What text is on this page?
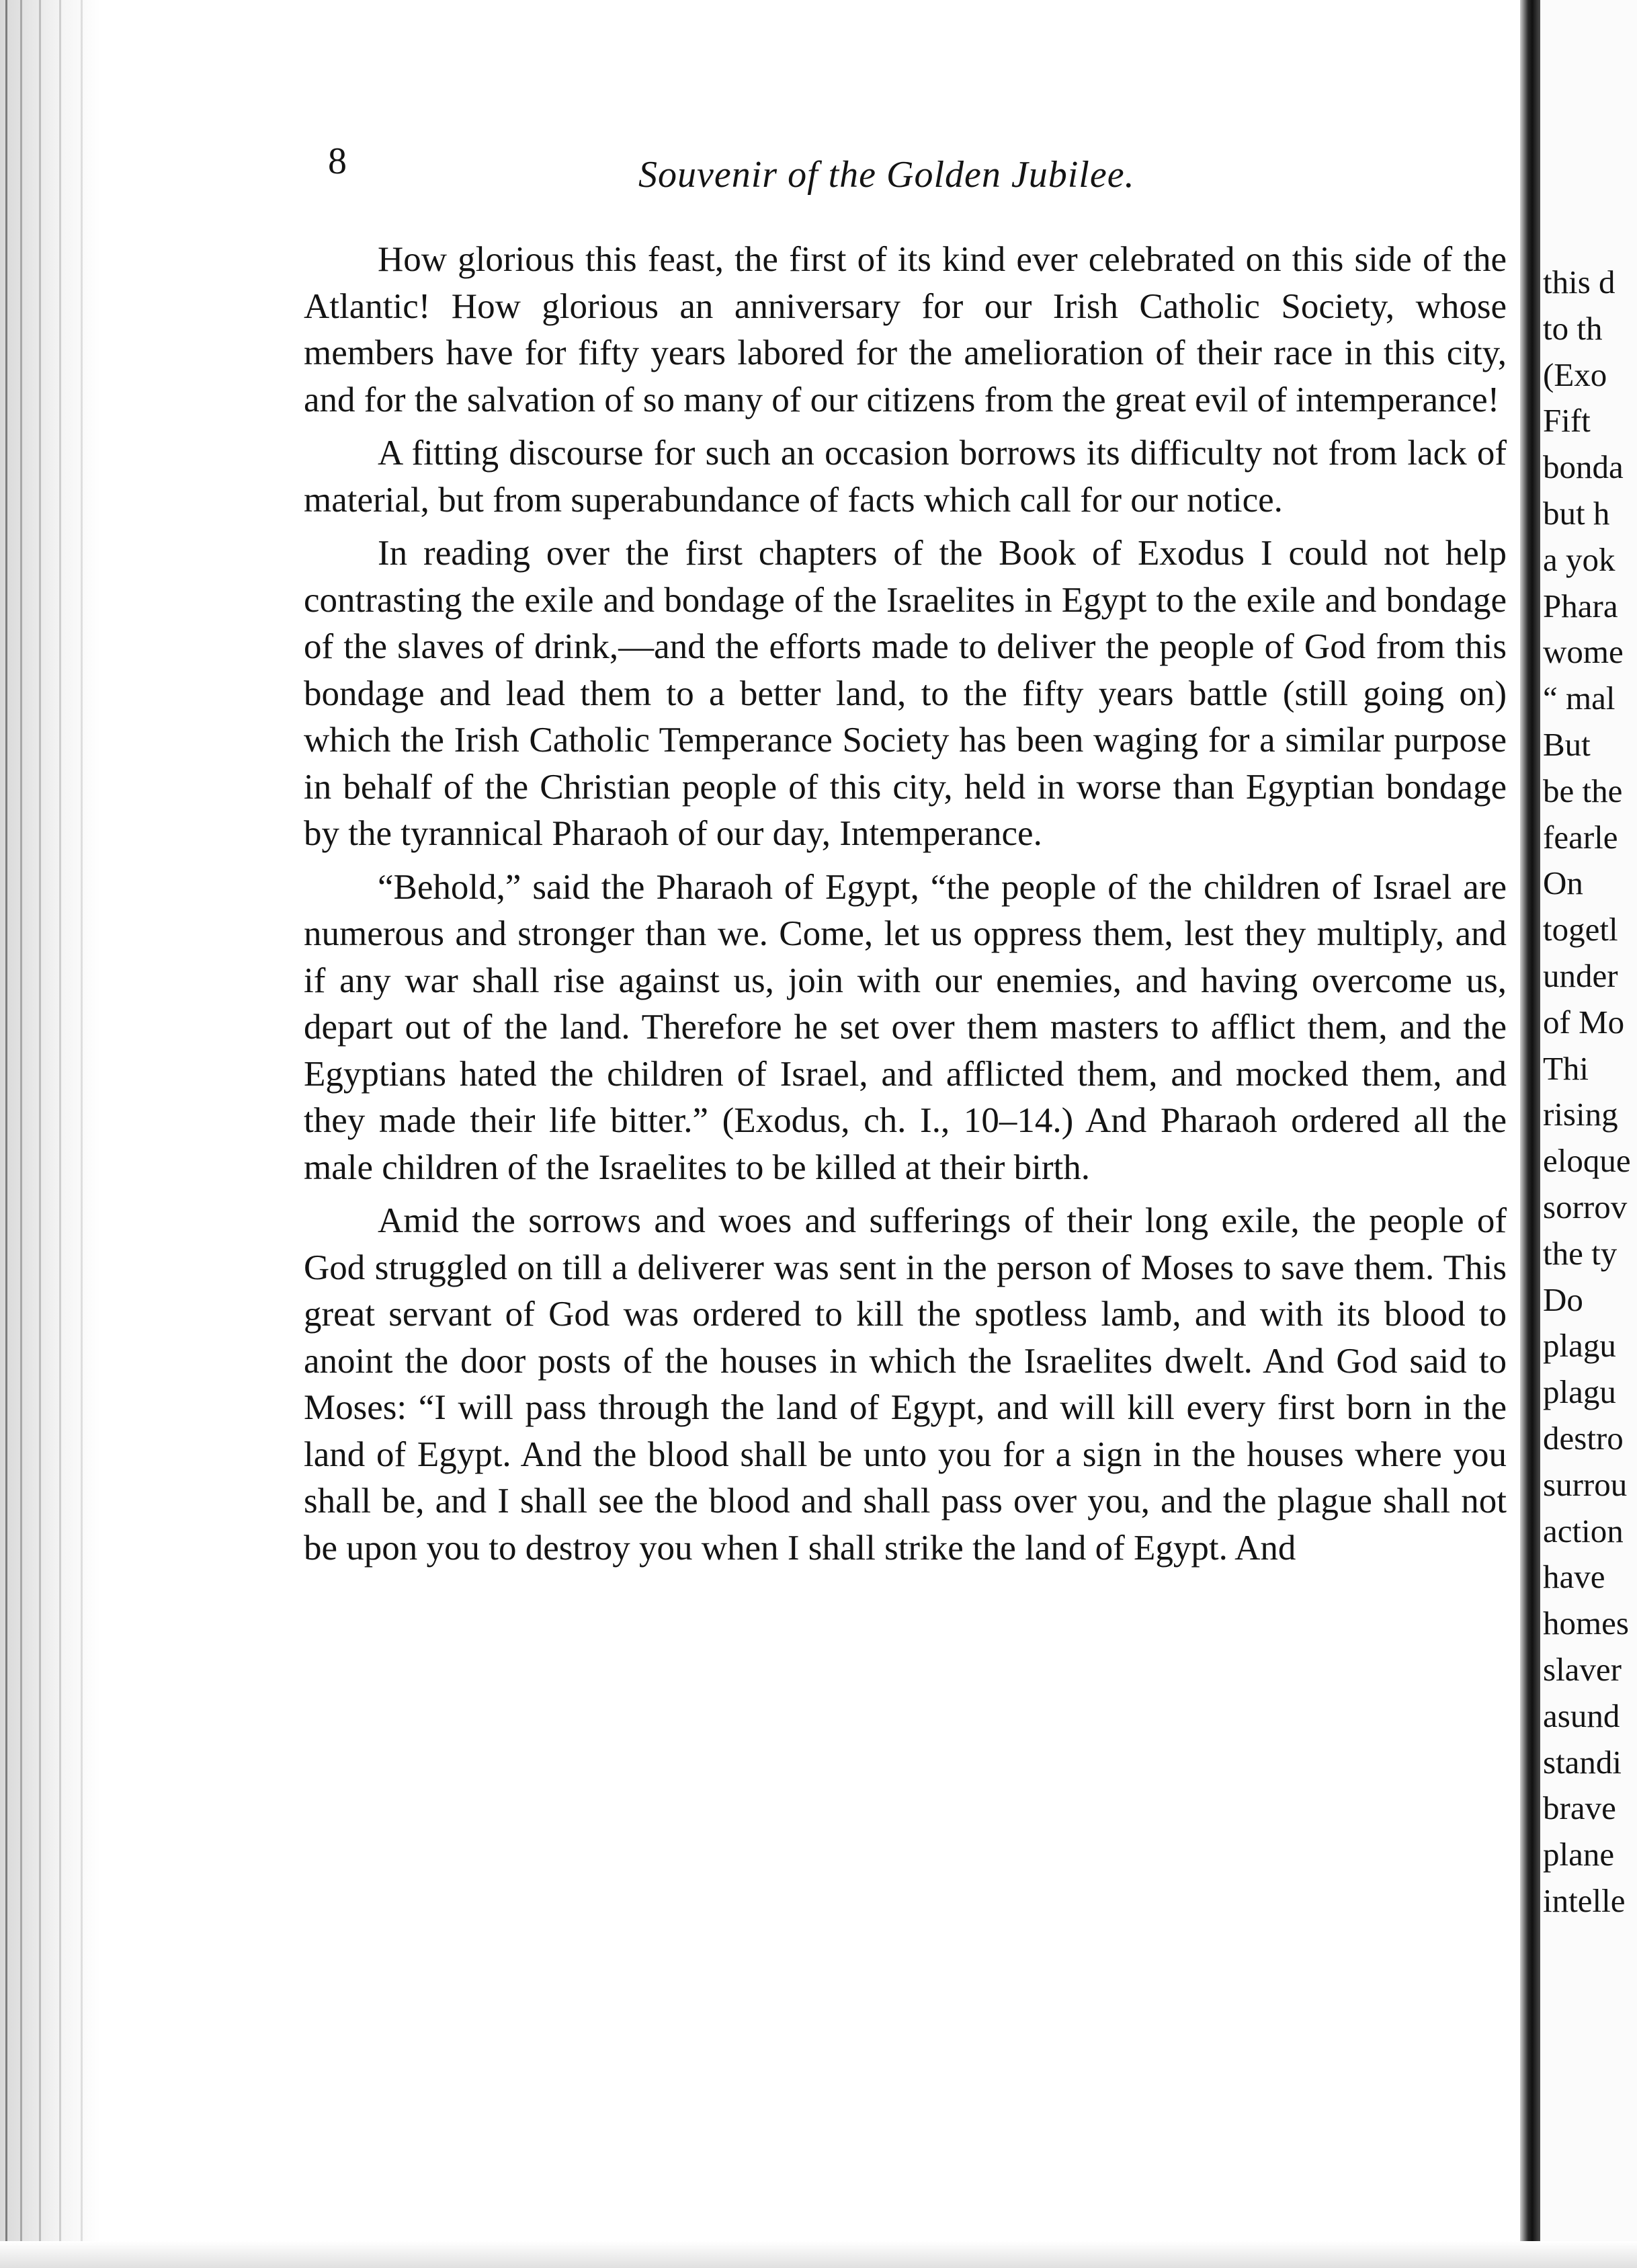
8	Souvenir of the Golden Jubilee.

How glorious this feast, the first of its kind ever celebrated on this side of the Atlantic! How glorious an anniversary for our Irish Catholic Society, whose members have for fifty years labored for the amelioration of their race in this city, and for the salvation of so many of our citizens from the great evil of intemperance!

A fitting discourse for such an occasion borrows its difficulty not from lack of material, but from superabundance of facts which call for our notice.

In reading over the first chapters of the Book of Exodus I could not help contrasting the exile and bondage of the Israelites in Egypt to the exile and bondage of the slaves of drink,—and the efforts made to deliver the people of God from this bondage and lead them to a better land, to the fifty years battle (still going on) which the Irish Catholic Temperance Society has been waging for a similar purpose in behalf of the Christian people of this city, held in worse than Egyptian bondage by the tyrannical Pharaoh of our day, Intemperance.

“Behold,” said the Pharaoh of Egypt, “the people of the children of Israel are numerous and stronger than we. Come, let us oppress them, lest they multiply, and if any war shall rise against us, join with our enemies, and having overcome us, depart out of the land. Therefore he set over them masters to afflict them, and the Egyptians hated the children of Israel, and afflicted them, and mocked them, and they made their life bitter.” (Exodus, ch. I., 10–14.) And Pharaoh ordered all the male children of the Israelites to be killed at their birth.

Amid the sorrows and woes and sufferings of their long exile, the people of God struggled on till a deliverer was sent in the person of Moses to save them. This great servant of God was ordered to kill the spotless lamb, and with its blood to anoint the door posts of the houses in which the Israelites dwelt. And God said to Moses: “I will pass through the land of Egypt, and will kill every first born in the land of Egypt. And the blood shall be unto you for a sign in the houses where you shall be, and I shall see the blood and shall pass over you, and the plague shall not be upon you to destroy you when I shall strike the land of Egypt. And

this d
to th
(Exo
Fift
bonda
but h
a yok
Phara
wome
“ mal
But
be the
fearle
On
togetl
under
of Mo
Thi
rising
eloque
sorrov
the ty
Do
plagu
plagu
destro
surrou
action
have
homes
slaver
asund
standi
brave
plane
intelle
